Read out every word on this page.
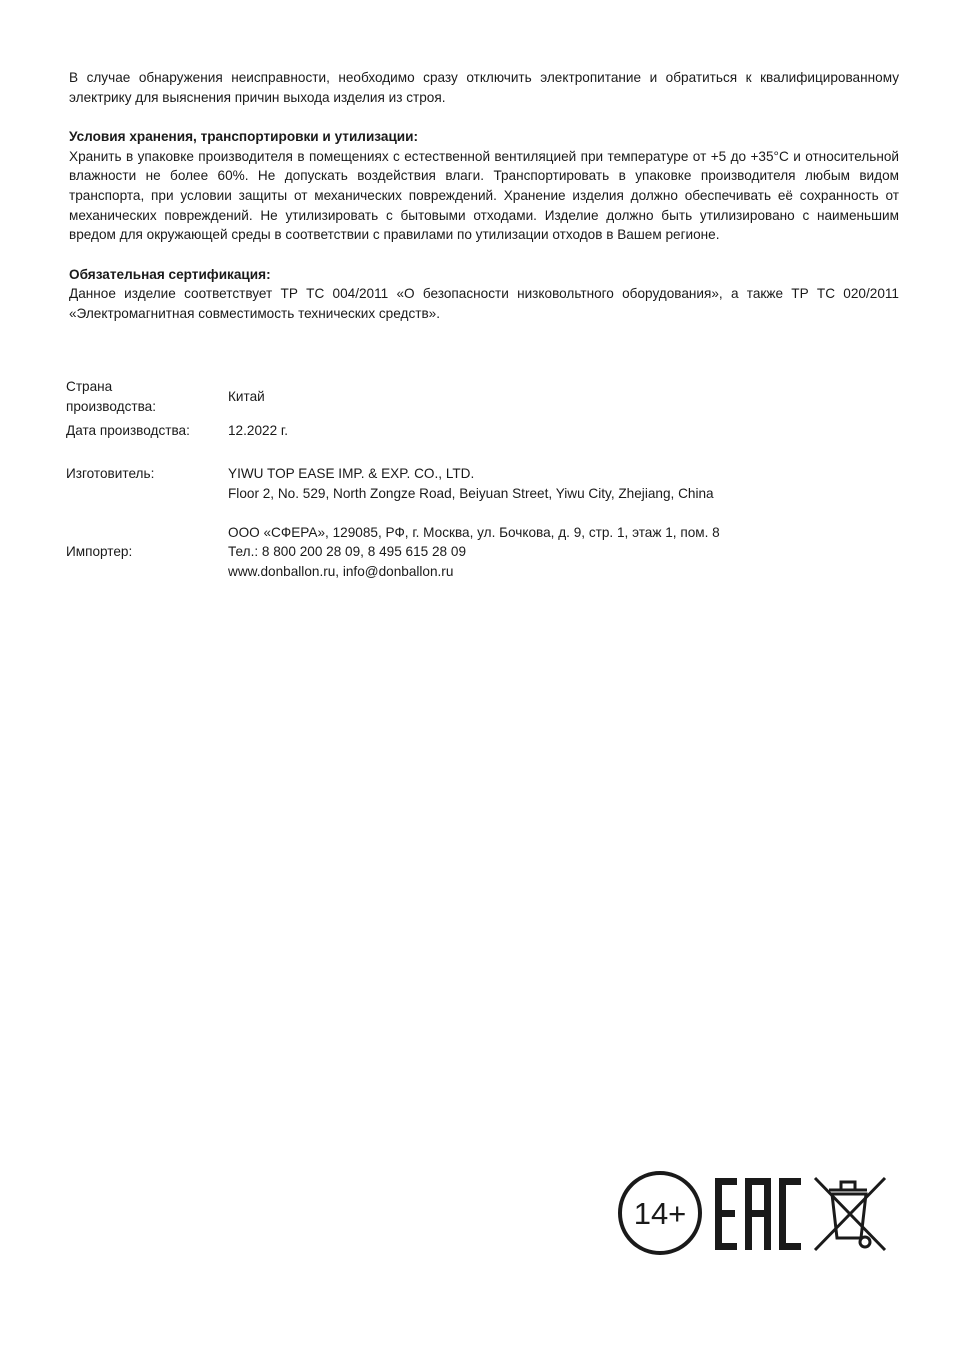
В случае обнаружения неисправности, необходимо сразу отключить электропитание и обратиться к квалифицированному электрику для выяснения причин выхода изделия из строя.

Условия хранения, транспортировки и утилизации:

Хранить в упаковке производителя в помещениях с естественной вентиляцией при температуре от +5 до +35°С и относительной влажности не более 60%. Не допускать воздействия влаги. Транспортировать в упаковке производителя любым видом транспорта, при условии защиты от механических повреждений. Хранение изделия должно обеспечивать её сохранность от механических повреждений. Не утилизировать с бытовыми отходами. Изделие должно быть утилизировано с наименьшим вредом для окружающей среды в соответствии с правилами по утилизации отходов в Вашем регионе.

Обязательная сертификация:

Данное изделие соответствует ТР ТС 004/2011 «О безопасности низковольтного оборудования», а также ТР ТС 020/2011 «Электромагнитная совместимость технических средств».

Страна
производства:
Китай
Дата производства:	12.2022 г.
Изготовитель:	YIWU TOP EASE IMP. & EXP. CO., LTD.
Floor 2, No. 529, North Zongze Road, Beiyuan Street, Yiwu City, Zhejiang, China
Импортер:
ООО «СФЕРА», 129085, РФ, г. Москва, ул. Бочкова, д. 9, стр. 1, этаж 1, пом. 8
Тел.: 8 800 200 28 09, 8 495 615 28 09
www.donballon.ru, info@donballon.ru
14+
